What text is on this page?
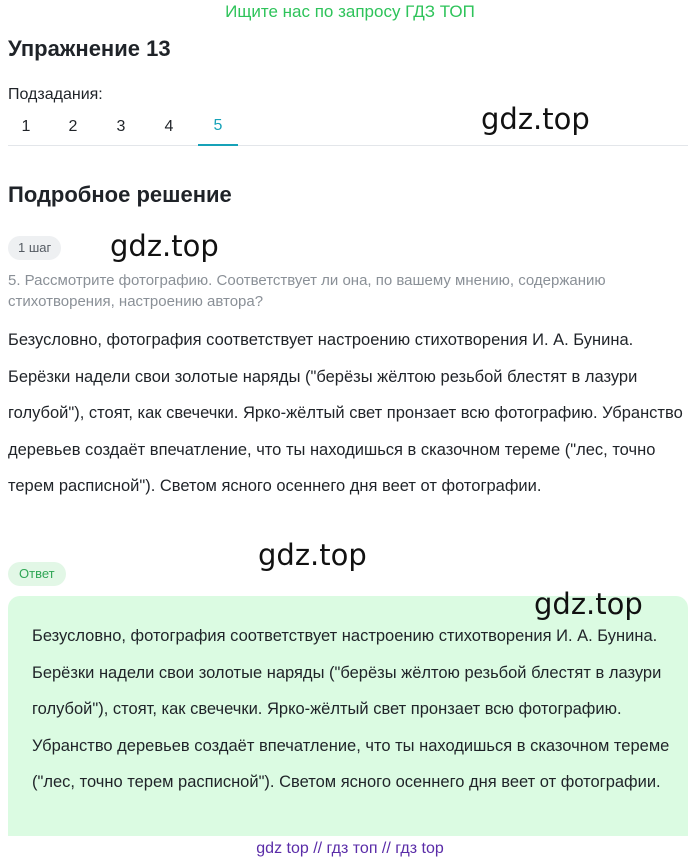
Ищите нас по запросу ГДЗ ТОП
Упражнение 13
Подзадания:
1	2	3	4	5	gdz.top
Подробное решение
1 шаг	gdz.top

5. Рассмотрите фотографию. Соответствует ли она, по вашему мнению, содержанию стихотворения, настроению автора?

Безусловно, фотография соответствует настроению стихотворения И. А. Бунина. Берёзки надели свои золотые наряды ("берёзы жёлтою резьбой блестят в лазури голубой"), стоят, как свечечки. Ярко-жёлтый свет пронзает всю фотографию. Убранство деревьев создаёт впечатление, что ты находишься в сказочном тереме ("лес, точно терем расписной"). Светом ясного осеннего дня веет от фотографии.

gdz.top
Ответ

Безусловно, фотография соответствует настроению стихотворения И. А. Бунина. Берёзки надели свои золотые наряды ("берёзы жёлтою резьбой блестят в лазури голубой"), стоят, как свечечки. Ярко-жёлтый свет пронзает всю фотографию. Убранство деревьев создаёт впечатление, что ты находишься в сказочном тереме ("лес, точно терем расписной"). Светом ясного осеннего дня веет от фотографии.

gdz.top
gdz top // гдз топ // гдз top
